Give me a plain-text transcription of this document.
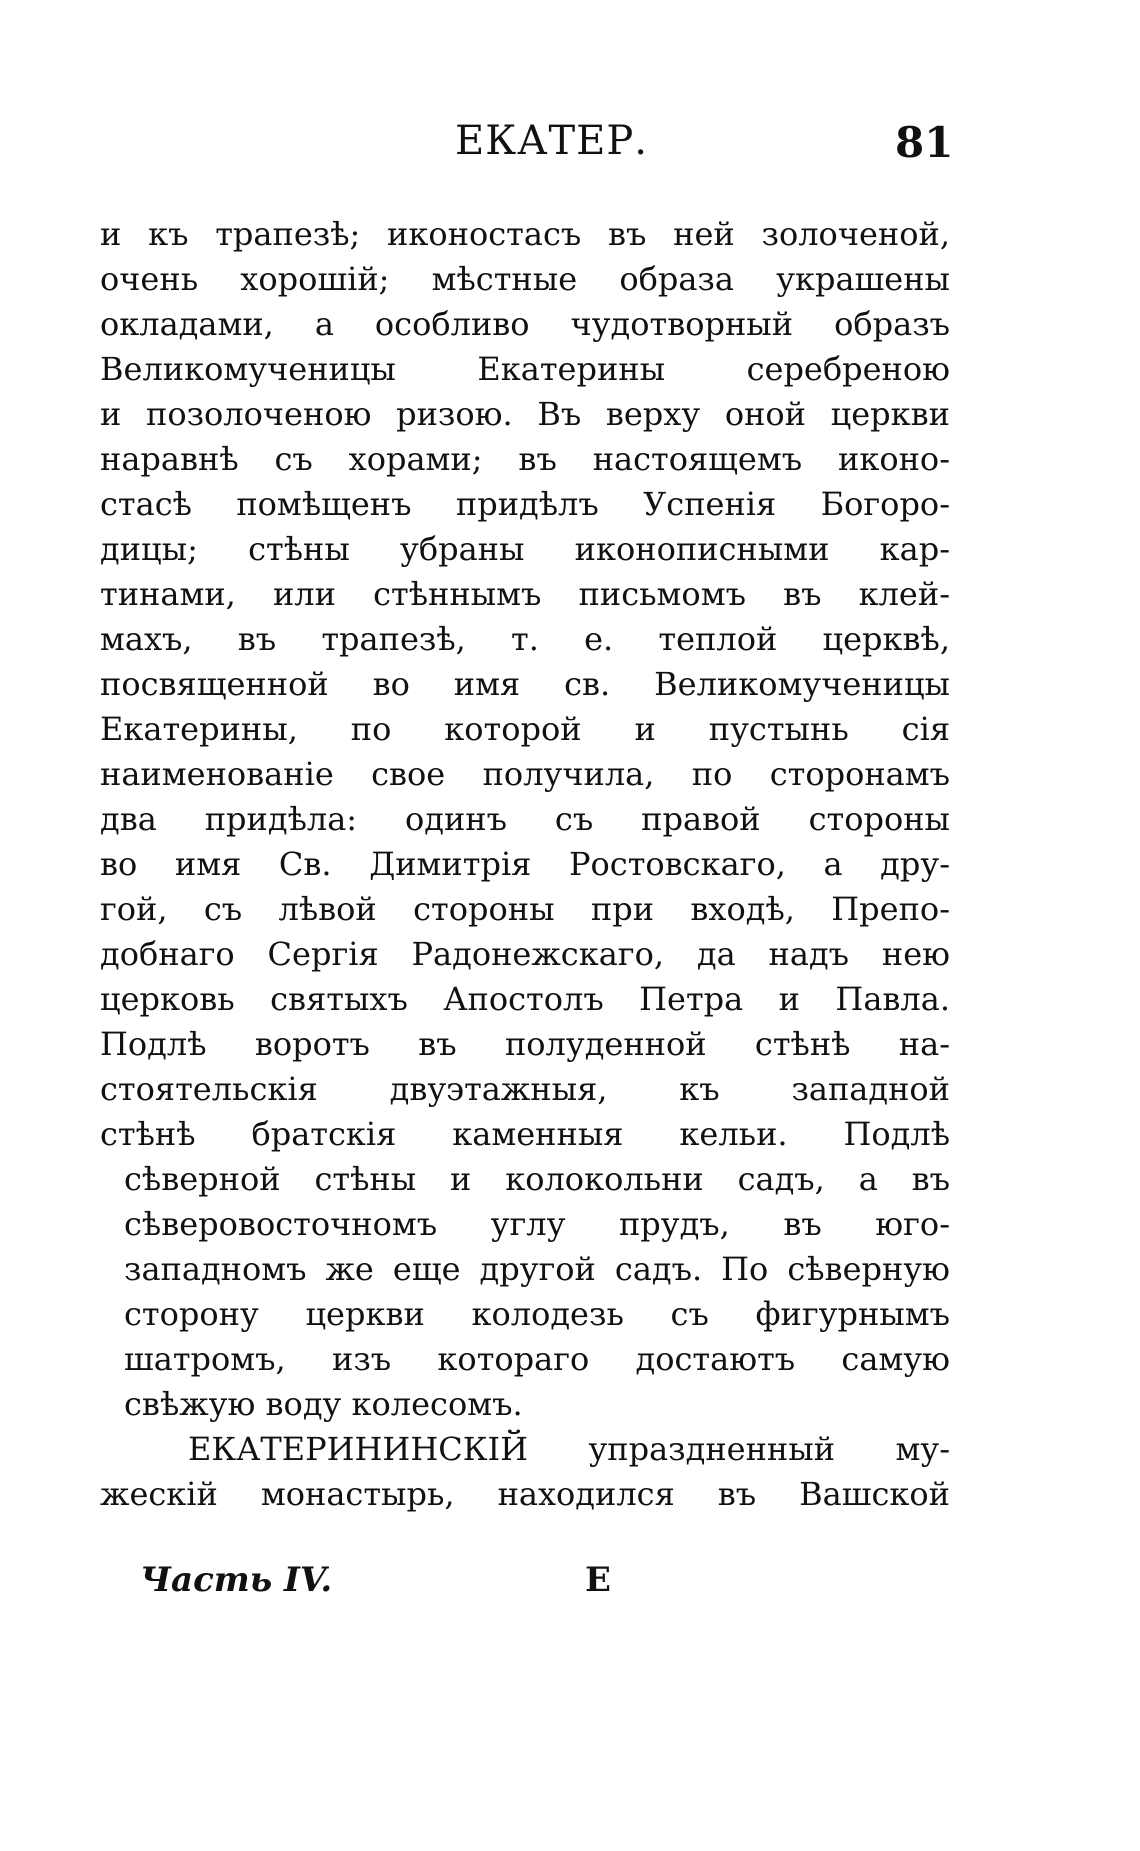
ЕКАТЕР.	81
и къ трапезѣ; иконостасъ въ ней золоченой,
очень хорошій; мѣстные образа украшены
окладами, а особливо чудотворный образъ
Великомученицы Екатерины серебреною
и позолоченою ризою. Въ верху оной церкви
наравнѣ съ хорами; въ настоящемъ иконо-
стасѣ помѣщенъ придѣлъ Успенія Богоро-
дицы; стѣны убраны иконописными кар-
тинами, или стѣннымъ письмомъ въ клей-
махъ, въ трапезѣ, т. е. теплой церквѣ,
посвященной во имя св. Великомученицы
Екатерины, по которой и пустынь сія
наименованіе свое получила, по сторонамъ
два придѣла: одинъ съ правой стороны
во имя Св. Димитрія Ростовскаго, а дру-
гой, съ лѣвой стороны при входѣ, Препо-
добнаго Сергія Радонежскаго, да надъ нею
церковь святыхъ Апостолъ Петра и Павла.
Подлѣ воротъ въ полуденной стѣнѣ на-
стоятельскія двуэтажныя, къ западной
стѣнѣ братскія каменныя кельи. Подлѣ
сѣверной стѣны и колокольни садъ, а въ
сѣверовосточномъ углу прудъ, въ юго-
западномъ же еще другой садъ. По сѣверную
сторону церкви колодезь съ фигурнымъ
шатромъ, изъ котораго достаютъ самую
свѣжую воду колесомъ.
ЕКАТЕРИНИНСКІЙ упраздненный му-
жескій монастырь, находился въ Вашской
Часть IV.	Е
